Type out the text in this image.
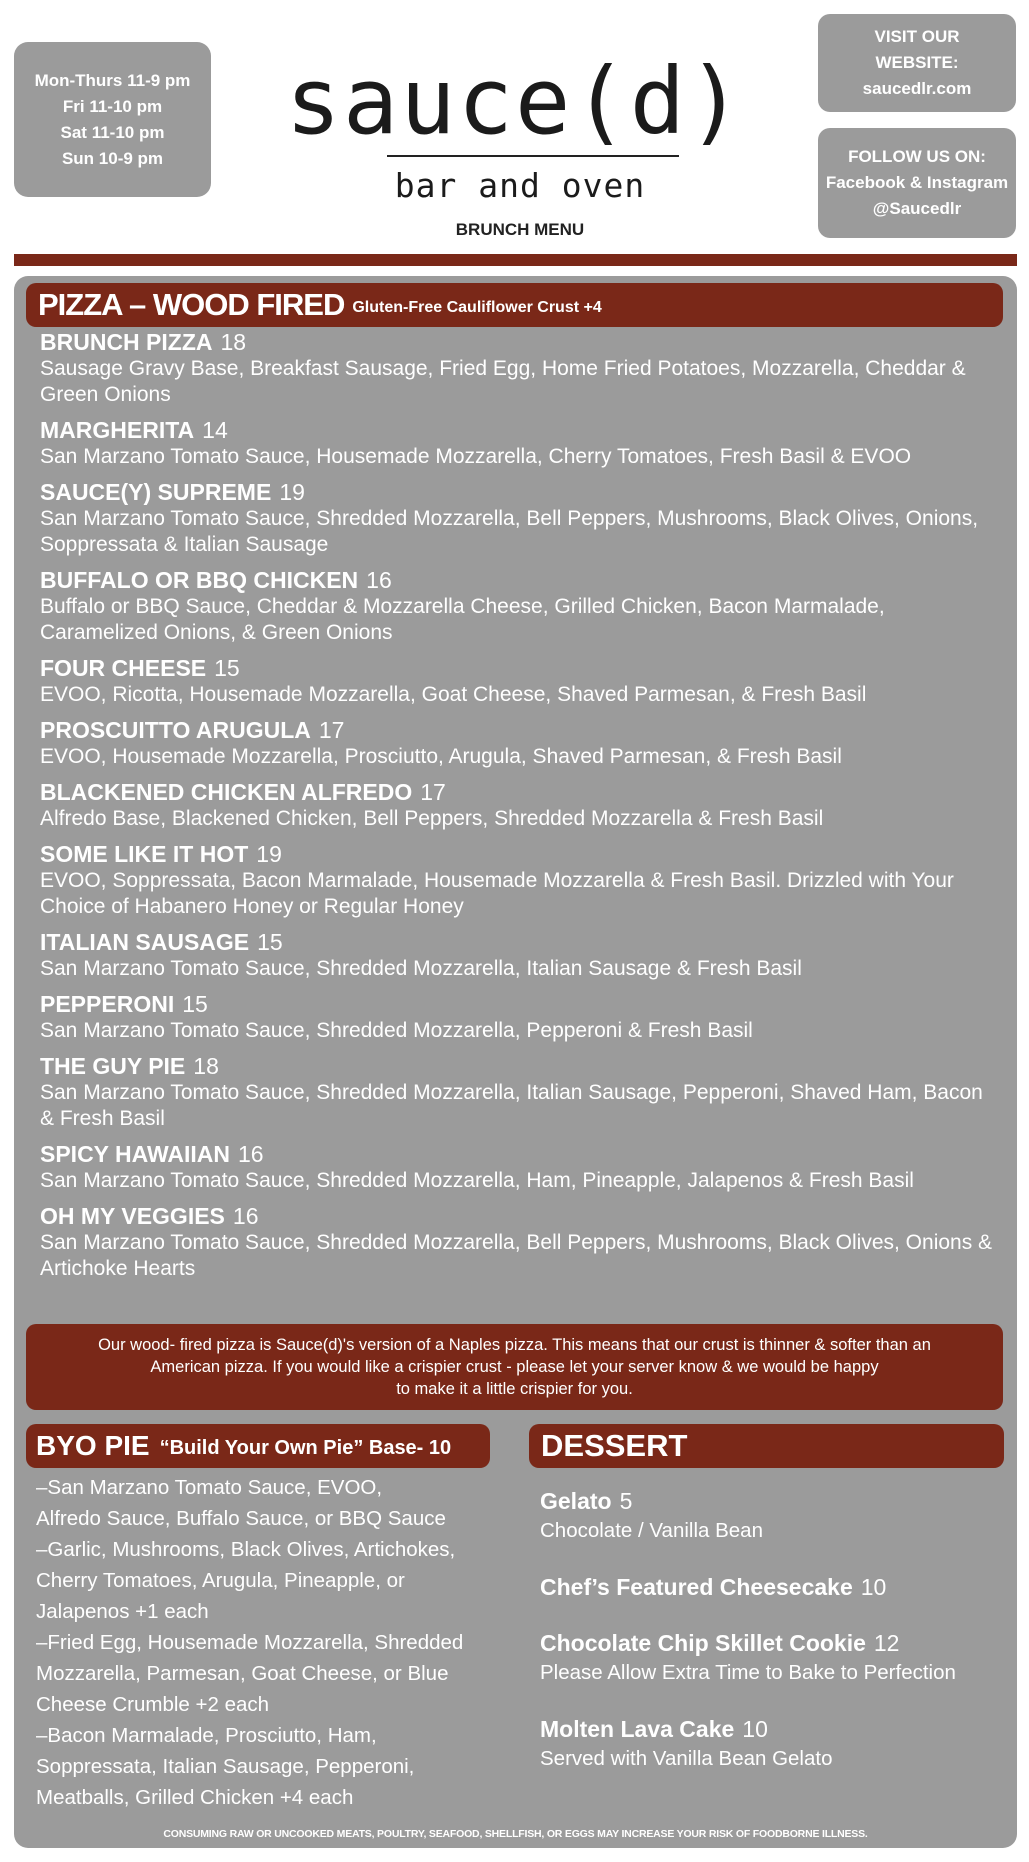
Mon-Thurs 11-9 pm
Fri 11-10 pm
Sat 11-10 pm
Sun 10-9 pm
sauce(d)
bar and oven
BRUNCH MENU
VISIT OUR
WEBSITE:
saucedlr.com
FOLLOW US ON:
Facebook & Instagram
@Saucedlr
PIZZA – WOOD FIRED Gluten-Free Cauliflower Crust +4
BRUNCH PIZZA 18
Sausage Gravy Base, Breakfast Sausage, Fried Egg, Home Fried Potatoes, Mozzarella, Cheddar & Green Onions
MARGHERITA 14
San Marzano Tomato Sauce, Housemade Mozzarella, Cherry Tomatoes, Fresh Basil & EVOO
SAUCE(Y) SUPREME 19
San Marzano Tomato Sauce, Shredded Mozzarella, Bell Peppers, Mushrooms, Black Olives, Onions, Soppressata & Italian Sausage
BUFFALO OR BBQ CHICKEN 16
Buffalo or BBQ Sauce, Cheddar & Mozzarella Cheese, Grilled Chicken, Bacon Marmalade, Caramelized Onions, & Green Onions
FOUR CHEESE 15
EVOO, Ricotta, Housemade Mozzarella, Goat Cheese, Shaved Parmesan, & Fresh Basil
PROSCUITTO ARUGULA 17
EVOO, Housemade Mozzarella, Prosciutto, Arugula, Shaved Parmesan, & Fresh Basil
BLACKENED CHICKEN ALFREDO 17
Alfredo Base, Blackened Chicken, Bell Peppers, Shredded Mozzarella & Fresh Basil
SOME LIKE IT HOT 19
EVOO, Soppressata, Bacon Marmalade, Housemade Mozzarella & Fresh Basil. Drizzled with Your Choice of Habanero Honey or Regular Honey
ITALIAN SAUSAGE 15
San Marzano Tomato Sauce, Shredded Mozzarella, Italian Sausage & Fresh Basil
PEPPERONI 15
San Marzano Tomato Sauce, Shredded Mozzarella, Pepperoni & Fresh Basil
THE GUY PIE 18
San Marzano Tomato Sauce, Shredded Mozzarella, Italian Sausage, Pepperoni, Shaved Ham, Bacon & Fresh Basil
SPICY HAWAIIAN 16
San Marzano Tomato Sauce, Shredded Mozzarella, Ham, Pineapple, Jalapenos & Fresh Basil
OH MY VEGGIES 16
San Marzano Tomato Sauce, Shredded Mozzarella, Bell Peppers, Mushrooms, Black Olives, Onions & Artichoke Hearts
Our wood- fired pizza is Sauce(d)'s version of a Naples pizza. This means that our crust is thinner & softer than an
American pizza. If you would like a crispier crust - please let your server know & we would be happy
to make it a little crispier for you.
BYO PIE “Build Your Own Pie” Base- 10
–San Marzano Tomato Sauce, EVOO,
Alfredo Sauce, Buffalo Sauce, or BBQ Sauce
–Garlic, Mushrooms, Black Olives, Artichokes,
Cherry Tomatoes, Arugula, Pineapple, or
Jalapenos +1 each
–Fried Egg, Housemade Mozzarella, Shredded
Mozzarella, Parmesan, Goat Cheese, or Blue
Cheese Crumble +2 each
–Bacon Marmalade, Prosciutto, Ham,
Soppressata, Italian Sausage, Pepperoni,
Meatballs, Grilled Chicken +4 each
DESSERT
Gelato 5
Chocolate / Vanilla Bean
Chef’s Featured Cheesecake 10
Chocolate Chip Skillet Cookie 12
Please Allow Extra Time to Bake to Perfection
Molten Lava Cake 10
Served with Vanilla Bean Gelato
CONSUMING RAW OR UNCOOKED MEATS, POULTRY, SEAFOOD, SHELLFISH, OR EGGS MAY INCREASE YOUR RISK OF FOODBORNE ILLNESS.
